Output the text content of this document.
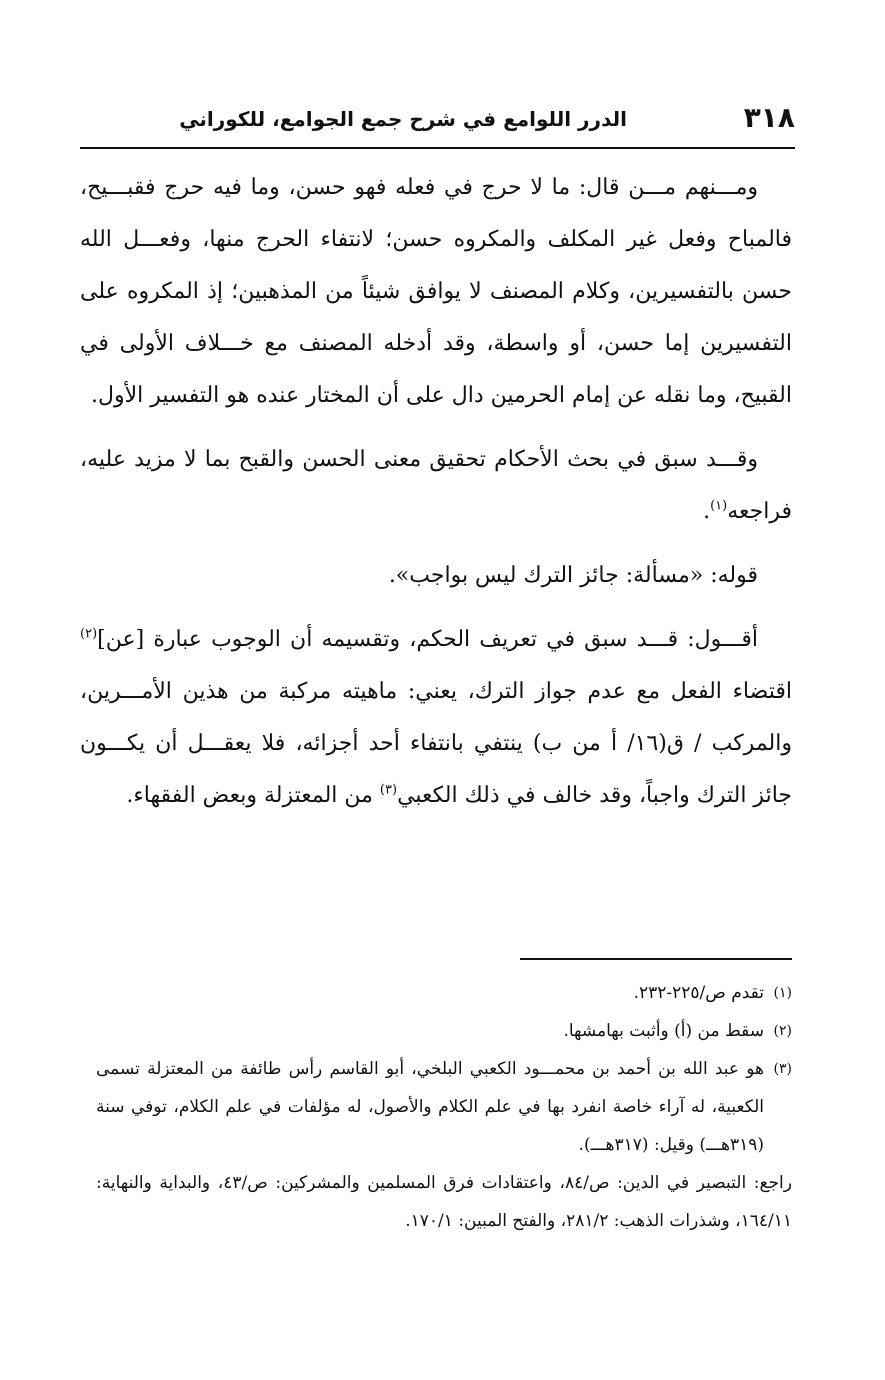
٣١٨
الدرر اللوامع في شرح جمع الجوامع، للكوراني

ومـــنهم مـــن قال: ما لا حرج في فعله فهو حسن، وما فيه حرج فقبـــيح، فالمباح وفعل غير المكلف والمكروه حسن؛ لانتفاء الحرج منها، وفعـــل الله حسن بالتفسيرين، وكلام المصنف لا يوافق شيئاً من المذهبين؛ إذ المكروه على التفسيرين إما حسن، أو واسطة، وقد أدخله المصنف مع خـــلاف الأولى في القبيح، وما نقله عن إمام الحرمين دال على أن المختار عنده هو التفسير الأول.

وقـــد سبق في بحث الأحكام تحقيق معنى الحسن والقبح بما لا مزيد عليه، فراجعه$^{(١)}$.

قوله: «مسألة: جائز الترك ليس بواجب».

أقـــول: قـــد سبق في تعريف الحكم، وتقسيمه أن الوجوب عبارة [عن]$^{(٢)}$ اقتضاء الفعل مع عدم جواز الترك، يعني: ماهيته مركبة من هذين الأمـــرين، والمركب / ق(١٦/ أ من ب) ينتفي بانتفاء أحد أجزائه، فلا يعقـــل أن يكـــون جائز الترك واجباً، وقد خالف في ذلك الكعبي$^{(٣)}$ من المعتزلة وبعض الفقهاء.

(١)
تقدم ص/٢٢٥-٢٣٢.

(٢)
سقط من (أ) وأثبت بهامشها.

(٣)
هو عبد الله بن أحمد بن محمـــود الكعبي البلخي، أبو القاسم رأس طائفة من المعتزلة تسمى الكعبية، له آراء خاصة انفرد بها في علم الكلام والأصول، له مؤلفات في علم الكلام، توفي سنة (٣١٩هـــ) وقيل: (٣١٧هـــ).

راجع: التبصير في الدين: ص/٨٤، واعتقادات فرق المسلمين والمشركين: ص/٤٣، والبداية والنهاية: ١٦٤/١١، وشذرات الذهب: ٢٨١/٢، والفتح المبين: ١٧٠/١.
